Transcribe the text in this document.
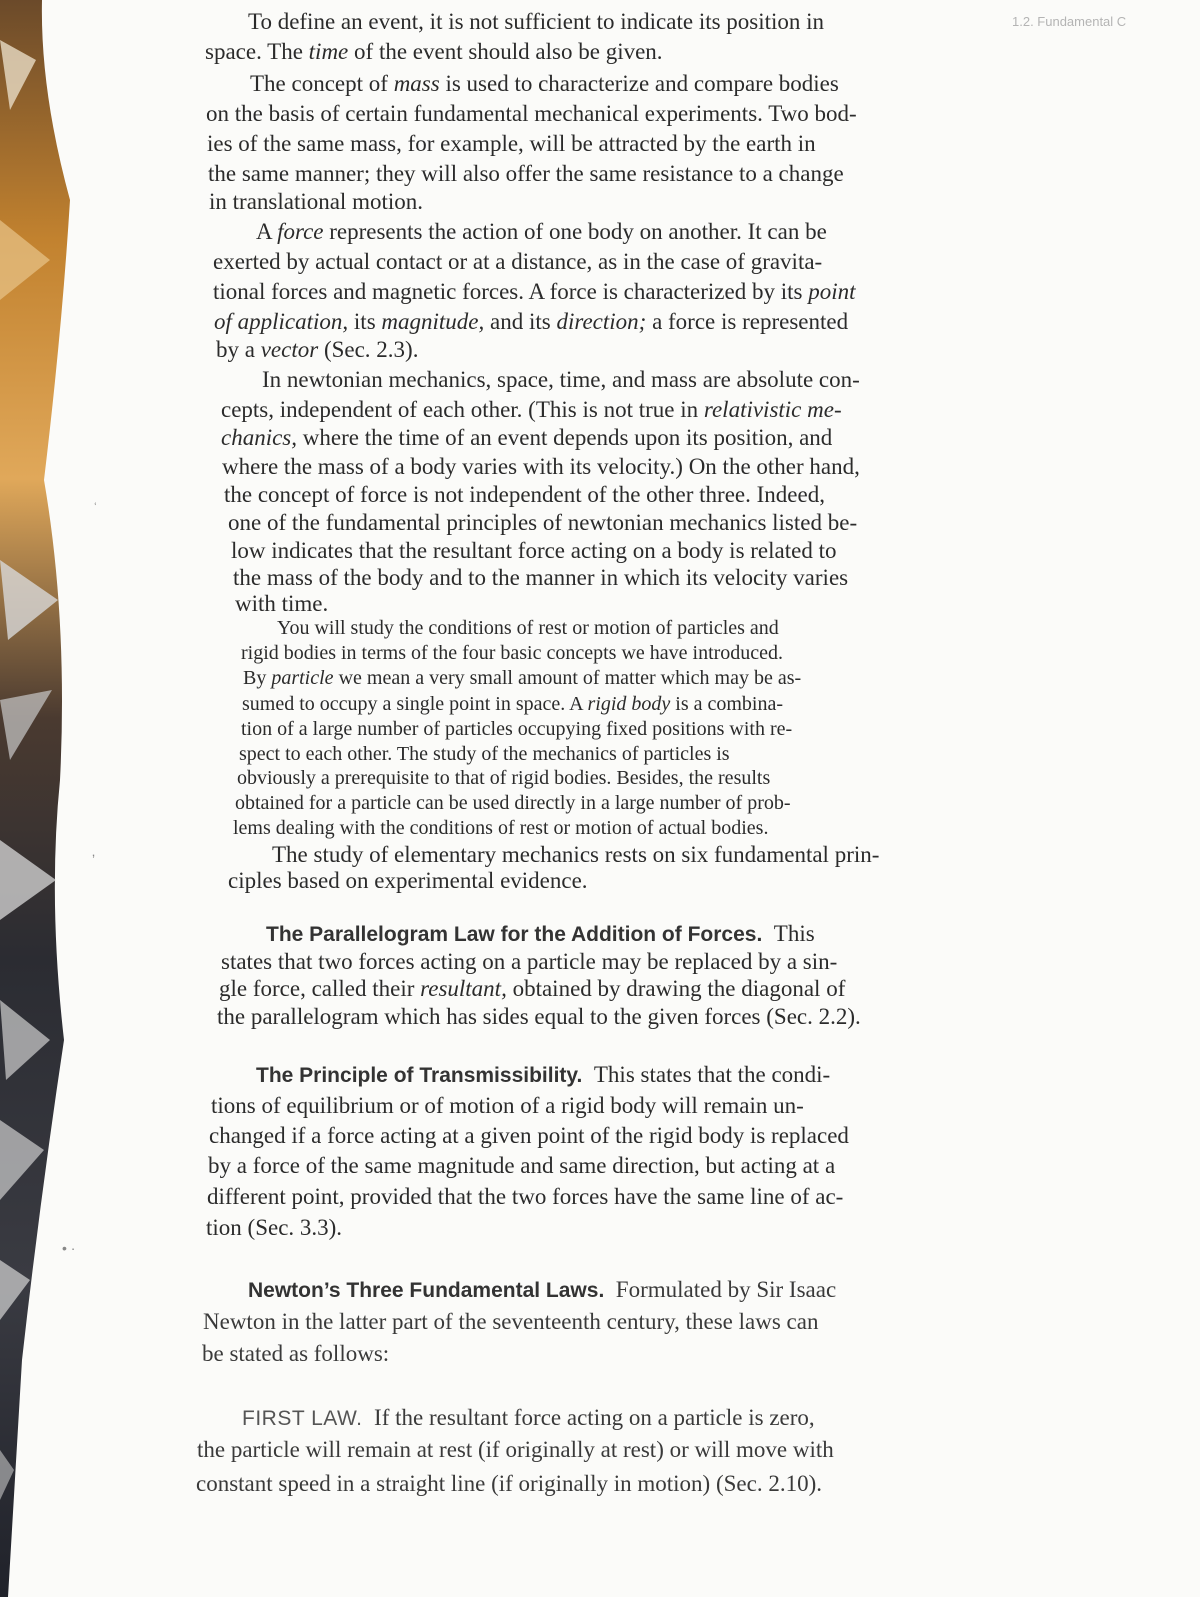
1.2. Fundamental C
ʿ
ʼ
• ·
To define an event, it is not sufficient to indicate its position in
space. The time of the event should also be given.
The concept of mass is used to characterize and compare bodies
on the basis of certain fundamental mechanical experiments. Two bod-
ies of the same mass, for example, will be attracted by the earth in
the same manner; they will also offer the same resistance to a change
in translational motion.
A force represents the action of one body on another. It can be
exerted by actual contact or at a distance, as in the case of gravita-
tional forces and magnetic forces. A force is characterized by its point
of application, its magnitude, and its direction; a force is represented
by a vector (Sec. 2.3).
In newtonian mechanics, space, time, and mass are absolute con-
cepts, independent of each other. (This is not true in relativistic me-
chanics, where the time of an event depends upon its position, and
where the mass of a body varies with its velocity.) On the other hand,
the concept of force is not independent of the other three. Indeed,
one of the fundamental principles of newtonian mechanics listed be-
low indicates that the resultant force acting on a body is related to
the mass of the body and to the manner in which its velocity varies
with time.
You will study the conditions of rest or motion of particles and
rigid bodies in terms of the four basic concepts we have introduced.
By particle we mean a very small amount of matter which may be as-
sumed to occupy a single point in space. A rigid body is a combina-
tion of a large number of particles occupying fixed positions with re-
spect to each other. The study of the mechanics of particles is
obviously a prerequisite to that of rigid bodies. Besides, the results
obtained for a particle can be used directly in a large number of prob-
lems dealing with the conditions of rest or motion of actual bodies.
The study of elementary mechanics rests on six fundamental prin-
ciples based on experimental evidence.
The Parallelogram Law for the Addition of Forces. This
states that two forces acting on a particle may be replaced by a sin-
gle force, called their resultant, obtained by drawing the diagonal of
the parallelogram which has sides equal to the given forces (Sec. 2.2).
The Principle of Transmissibility. This states that the condi-
tions of equilibrium or of motion of a rigid body will remain un-
changed if a force acting at a given point of the rigid body is replaced
by a force of the same magnitude and same direction, but acting at a
different point, provided that the two forces have the same line of ac-
tion (Sec. 3.3).
Newton’s Three Fundamental Laws. Formulated by Sir Isaac
Newton in the latter part of the seventeenth century, these laws can
be stated as follows:
FIRST LAW. If the resultant force acting on a particle is zero,
the particle will remain at rest (if originally at rest) or will move with
constant speed in a straight line (if originally in motion) (Sec. 2.10).
